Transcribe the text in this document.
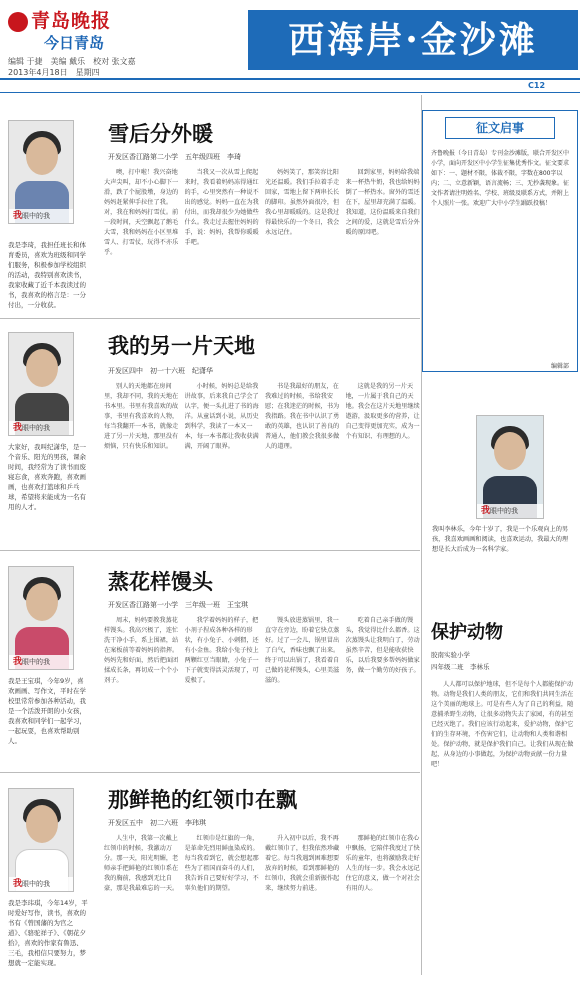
青岛晚报
今日青岛
编辑 于捷　美编 戴乐　校对 张文嘉
2013年4月18日　星期四
西海岸·金沙滩
C12
雪后分外暖
开发区香江路第二小学　五年级四班　李琦
我眼中的我
我是李琦，我担任班长和体育委员，喜欢为班级和同学们服务，积极参加学校组织的活动，我特别喜欢读书，我家收藏了近千本我读过的书，我喜欢的格言是：一分付出，一分收获。
噢，打中啦！我兴奋地大声尖叫，却不小心脚下一滑，跌了个屁股墩，身边的妈妈赶紧伸手拉住了我。对，我在和妈妈打雪仗。前一段时间，天空飘起了鹅毛大雪，我和妈妈在小区里堆雪人、打雪仗，玩得不亦乐乎。
当我又一次从雪上爬起来时，我看着妈妈冻得通红的手，心里突然有一种说不出的感觉。妈妈一直在为我付出，而我却很少为她做些什么。我走过去握住妈妈的手，说：妈妈，我帮你暖暖手吧。
妈妈笑了，那笑容比阳光还温暖。我们手拉着手走回家，雪地上留下两串长长的脚印。虽然外面很冷，但我心里却暖暖的。这是我过得最快乐的一个冬日，我会永远记住。
回到家里，妈妈给我端来一杯热牛奶，我也给妈妈倒了一杯热水。窗外的雪还在下，屋里却充满了温暖。我知道，这份温暖来自我们之间的爱，这就是雪后分外暖的原因吧。
我的另一片天地
开发区四中　初一十六班　纪潇华
我眼中的我
大家好，我叫纪潇华，是一个音乐、阳光的男孩，课余时间，我经常为了读书而废寝忘食，喜欢奔跑，喜欢画画，也喜欢打篮球和乒乓球，希望将来能成为一名有用的人才。
别人的天地都在房间里，我却不同，我的天地在书本里。书里有我喜欢的故事，书里有我喜欢的人物，每当我翻开一本书，就像走进了另一片天地，那里没有烦恼，只有快乐和知识。
小时候，妈妈总是给我讲故事，后来我自己学会了认字，便一头扎进了书的海洋。从童话到小说，从历史到科学，我读了一本又一本，每一本书都让我收获满满，开阔了眼界。
书是我最好的朋友，在我难过的时候，书给我安慰；在我迷茫的时候，书为我指路。我在书中认识了勇敢的英雄，也认识了善良的普通人，他们教会我很多做人的道理。
这就是我的另一片天地，一片属于我自己的天地。我会在这片天地里继续遨游，汲取更多的营养，让自己变得更加充实，成为一个有知识、有理想的人。
蒸花样馒头
开发区香江路第一小学　三年级一班　王宝琪
我眼中的我
我是王宝琪，今年9岁，喜欢画画、写作文，平时在学校里常常参加各种活动，我是一个活泼开朗的小女孩，我喜欢和同学们一起学习，一起玩耍，也喜欢帮助别人。
周末，妈妈要教我蒸花样馒头。我高兴极了，连忙洗干净小手，系上围裙，站在案板前等着妈妈的指挥。妈妈先和好面，然后把面团揉成长条，再切成一个个小剂子。
我学着妈妈的样子，把小剂子捏成各种各样的形状，有小兔子、小刺猬，还有小金鱼。我给小兔子按上两颗红豆当眼睛，小兔子一下子就变得活灵活现了，可爱极了。
馒头放进蒸锅里，我一直守在旁边，盼着它快点蒸好。过了一会儿，锅里冒出了白气，香味也飘了出来。终于可以出锅了，我看着自己做的花样馒头，心里美滋滋的。
吃着自己亲手做的馒头，我觉得比什么都香。这次蒸馒头让我明白了，劳动虽然辛苦，但是能收获快乐，以后我要多帮妈妈做家务，做一个勤劳的好孩子。
那鲜艳的红领巾在飘
开发区五中　初二六班　李玮琪
我眼中的我
我是李玮琪，今年14岁，平时爱好写作，读书，喜欢的书有《曾国藩的为官之道》、《骆驼祥子》、《朝花夕拾》，喜欢的作家有鲁迅、三毛，我相信只要努力，梦想就一定能实现。
人生中，我第一次戴上红领巾的时候，我激动万分。那一天，阳光明媚，老师亲手把鲜艳的红领巾系在我的胸前，我感到无比自豪，那是我最难忘的一天。
红领巾是红旗的一角，是革命先烈用鲜血染成的。每当我看到它，就会想起那些为了祖国而奋斗的人们，我告诉自己要好好学习，不辜负他们的期望。
升入初中以后，我不再戴红领巾了，但我依然珍藏着它。每当我遇到困难想要放弃的时候，看到那鲜艳的红领巾，我就会重新振作起来，继续努力前进。
那鲜艳的红领巾在我心中飘扬，它陪伴我度过了快乐的童年，也将激励我走好人生的每一步。我会永远记住它的意义，做一个对社会有用的人。
征文启事
齐鲁晚报（今日青岛）专刊金沙滩版，联合开发区中小学，面向开发区中小学生征集优秀作文。征文要求如下：一、题材不限，体裁不限，字数在800字以内；二、立意新颖，语言流畅；三、无抄袭现象。征文作者请注明姓名、学校、班级及联系方式，并附上个人照片一张。欢迎广大中小学生踊跃投稿！
编辑部
我眼中的我
我叫李林乐，今年十岁了，我是一个乐观向上的男孩，我喜欢画画和阅读，也喜欢运动，我最大的理想是长大后成为一名科学家。
保护动物
胶南实验小学
四年级二班　李林乐
人人都可以保护地球，但不是每个人都能保护动物。动物是我们人类的朋友，它们和我们共同生活在这个美丽的地球上。可是有些人为了自己的利益，随意捕杀野生动物，让很多动物失去了家园，有的甚至已经灭绝了。我们应该行动起来，爱护动物，保护它们的生存环境，不伤害它们，让动物和人类和谐相处。保护动物，就是保护我们自己。让我们从现在做起，从身边的小事做起，为保护动物贡献一份力量吧！
